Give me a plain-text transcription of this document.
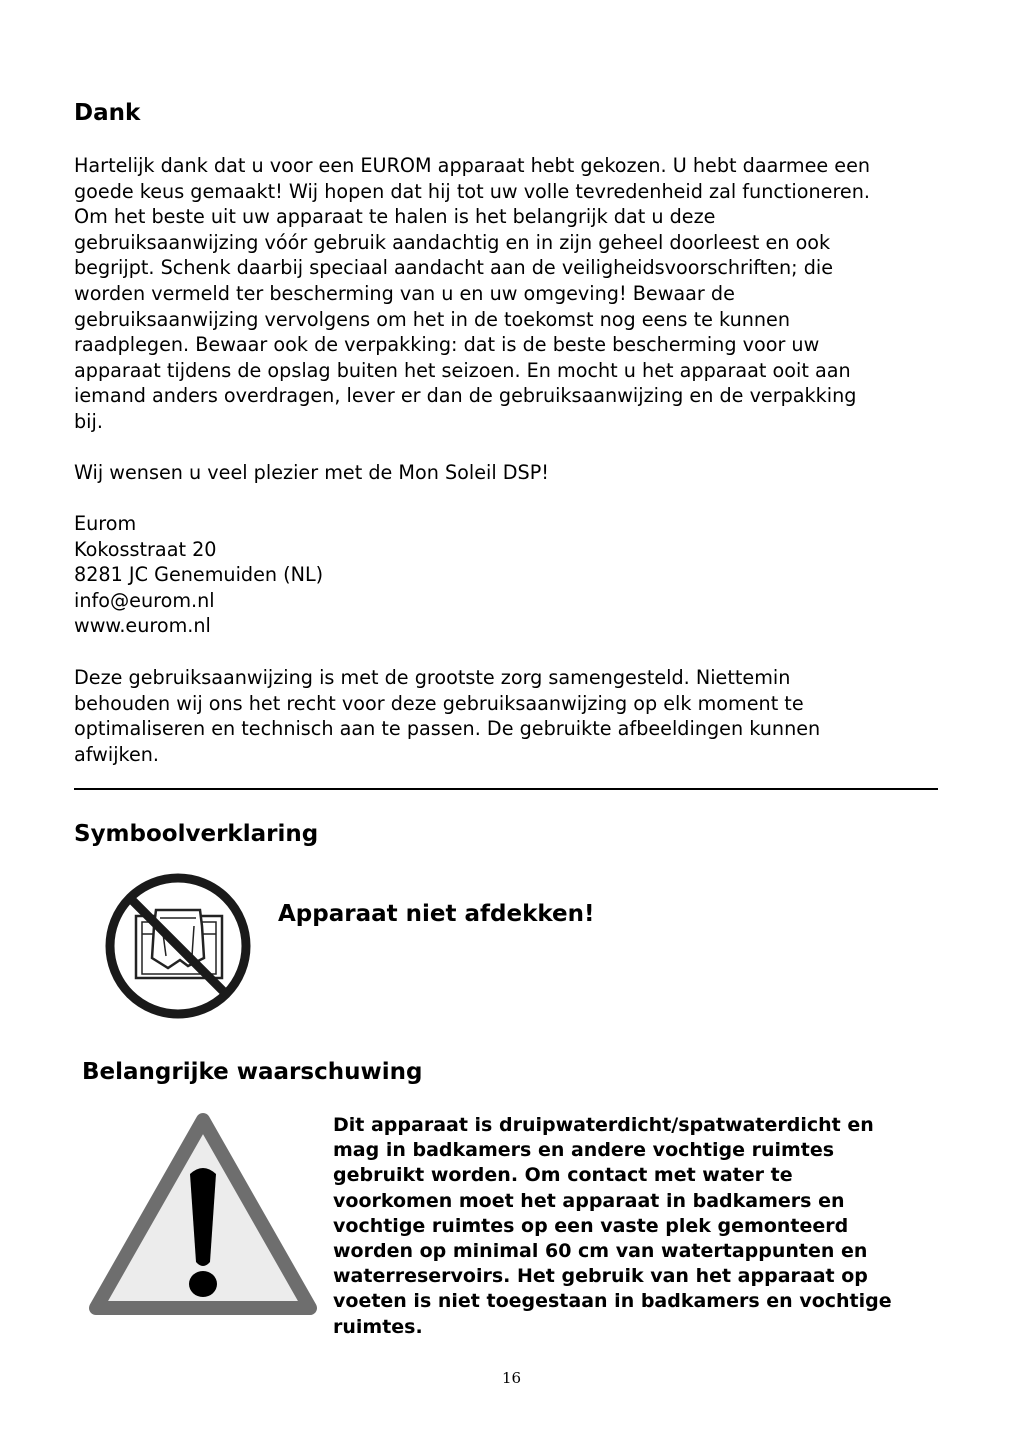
Dank

Hartelijk dank dat u voor een EUROM apparaat hebt gekozen. U hebt daarmee een
goede keus gemaakt! Wij hopen dat hij tot uw volle tevredenheid zal functioneren.
Om het beste uit uw apparaat te halen is het belangrijk dat u deze
gebruiksaanwijzing vóór gebruik aandachtig en in zijn geheel doorleest en ook
begrijpt. Schenk daarbij speciaal aandacht aan de veiligheidsvoorschriften; die
worden vermeld ter bescherming van u en uw omgeving! Bewaar de
gebruiksaanwijzing vervolgens om het in de toekomst nog eens te kunnen
raadplegen. Bewaar ook de verpakking: dat is de beste bescherming voor uw
apparaat tijdens de opslag buiten het seizoen. En mocht u het apparaat ooit aan
iemand anders overdragen, lever er dan de gebruiksaanwijzing en de verpakking
bij.

Wij wensen u veel plezier met de Mon Soleil DSP!

Eurom
Kokosstraat 20
8281 JC Genemuiden (NL)
info@eurom.nl
www.eurom.nl

Deze gebruiksaanwijzing is met de grootste zorg samengesteld. Niettemin
behouden wij ons het recht voor deze gebruiksaanwijzing op elk moment te
optimaliseren en technisch aan te passen. De gebruikte afbeeldingen kunnen
afwijken.

Symboolverklaring

Apparaat niet afdekken!

Belangrijke waarschuwing

Dit apparaat is druipwaterdicht/spatwaterdicht en
mag in badkamers en andere vochtige ruimtes
gebruikt worden. Om contact met water te
voorkomen moet het apparaat in badkamers en
vochtige ruimtes op een vaste plek gemonteerd
worden op minimal 60 cm van watertappunten en
waterreservoirs. Het gebruik van het apparaat op
voeten is niet toegestaan in badkamers en vochtige
ruimtes.

16
